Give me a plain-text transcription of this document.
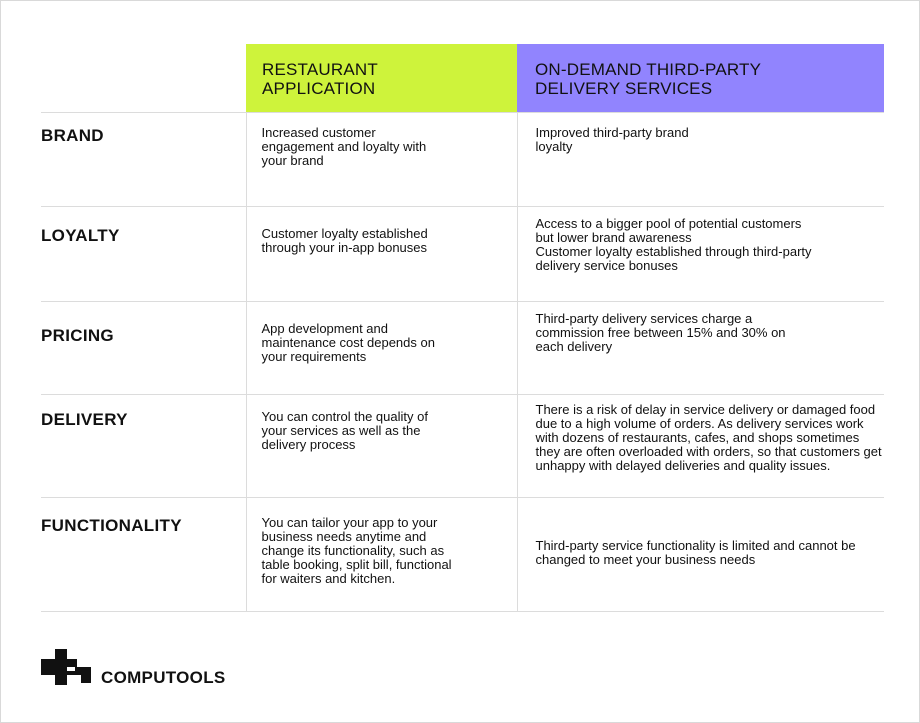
	RESTAURANT APPLICATION	ON-DEMAND THIRD-PARTY DELIVERY SERVICES
BRAND	Increased customer engagement and loyalty with your brand	Improved third-party brand loyalty
LOYALTY	Customer loyalty established through your in-app bonuses	Access to a bigger pool of potential customers but lower brand awareness
Customer loyalty established through third-party delivery service bonuses

PRICING	App development and maintenance cost depends on your requirements	Third-party delivery services charge a commission free between 15% and 30% on each delivery
DELIVERY	You can control the quality of your services as well as the delivery process	There is a risk of delay in service delivery or damaged food due to a high volume of orders. As delivery services work with dozens of restaurants, cafes, and shops sometimes they are often overloaded with orders, so that customers get unhappy with delayed deliveries and quality issues.
FUNCTIONALITY	You can tailor your app to your business needs anytime and change its functionality, such as table booking, split bill, functional for waiters and kitchen.	Third-party service functionality is limited and cannot be changed to meet your business needs
COMPUTOOLS
